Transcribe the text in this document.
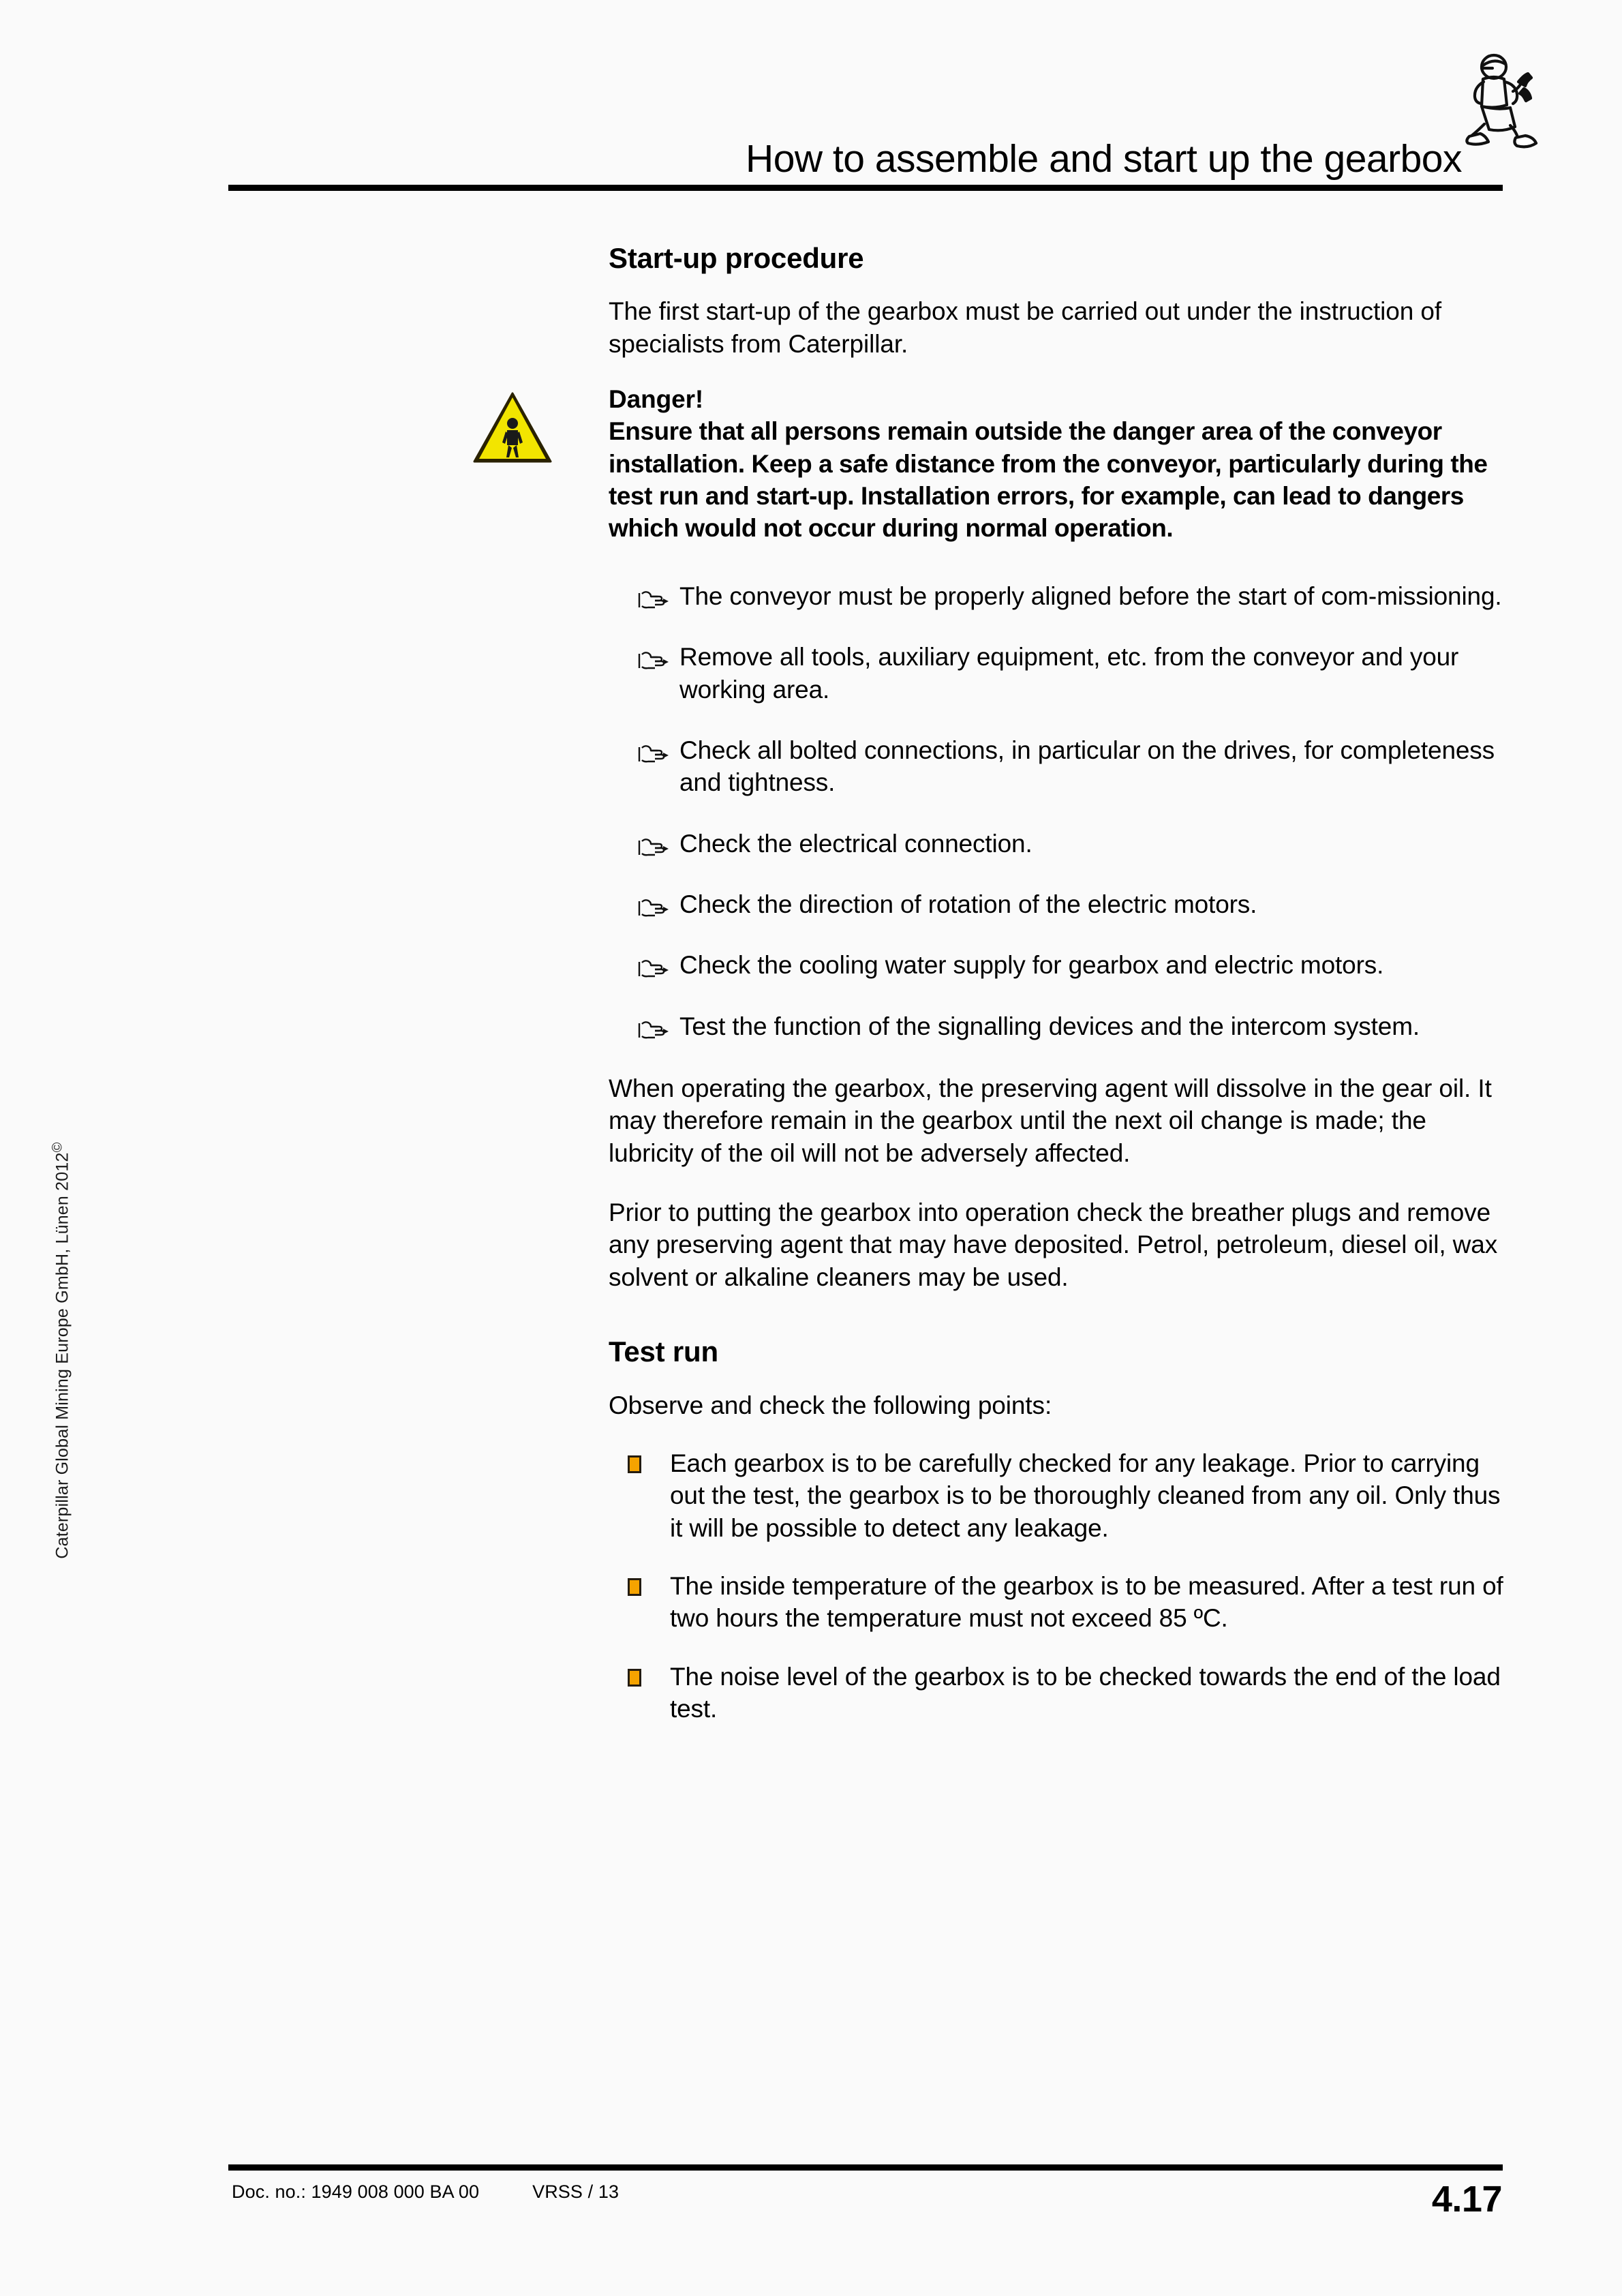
How to assemble and start up the gearbox
Caterpillar Global Mining Europe GmbH, Lünen 2012©
Start-up procedure

The first start-up of the gearbox must be carried out under the instruction of specialists from Caterpillar.

Danger!

Ensure that all persons remain outside the danger area of the conveyor installation. Keep a safe distance from the conveyor, particularly during the test run and start-up. Installation errors, for example, can lead to dangers which would not occur during normal operation.

The conveyor must be properly aligned before the start of com-missioning.
Remove all tools, auxiliary equipment, etc. from the conveyor and your working area.
Check all bolted connections, in particular on the drives, for completeness and tightness.
Check the electrical connection.
Check the direction of rotation of the electric motors.
Check the cooling water supply for gearbox and electric motors.
Test the function of the signalling devices and the intercom system.

When operating the gearbox, the preserving agent will dissolve in the gear oil. It may therefore remain in the gearbox until the next oil change is made; the lubricity of the oil will not be adversely affected.

Prior to putting the gearbox into operation check the breather plugs and remove any preserving agent that may have deposited. Petrol, petroleum, diesel oil, wax solvent or alkaline cleaners may be used.

Test run

Observe and check the following points:

Each gearbox is to be carefully checked for any leakage. Prior to carrying out the test, the gearbox is to be thoroughly cleaned from any oil. Only thus it will be possible to detect any leakage.
The inside temperature of the gearbox is to be measured. After a test run of two hours the temperature must not exceed 85 ºC.
The noise level of the gearbox is to be checked towards the end of the load test.
Doc. no.: 1949 008 000 BA 00	VRSS / 13	4.17
